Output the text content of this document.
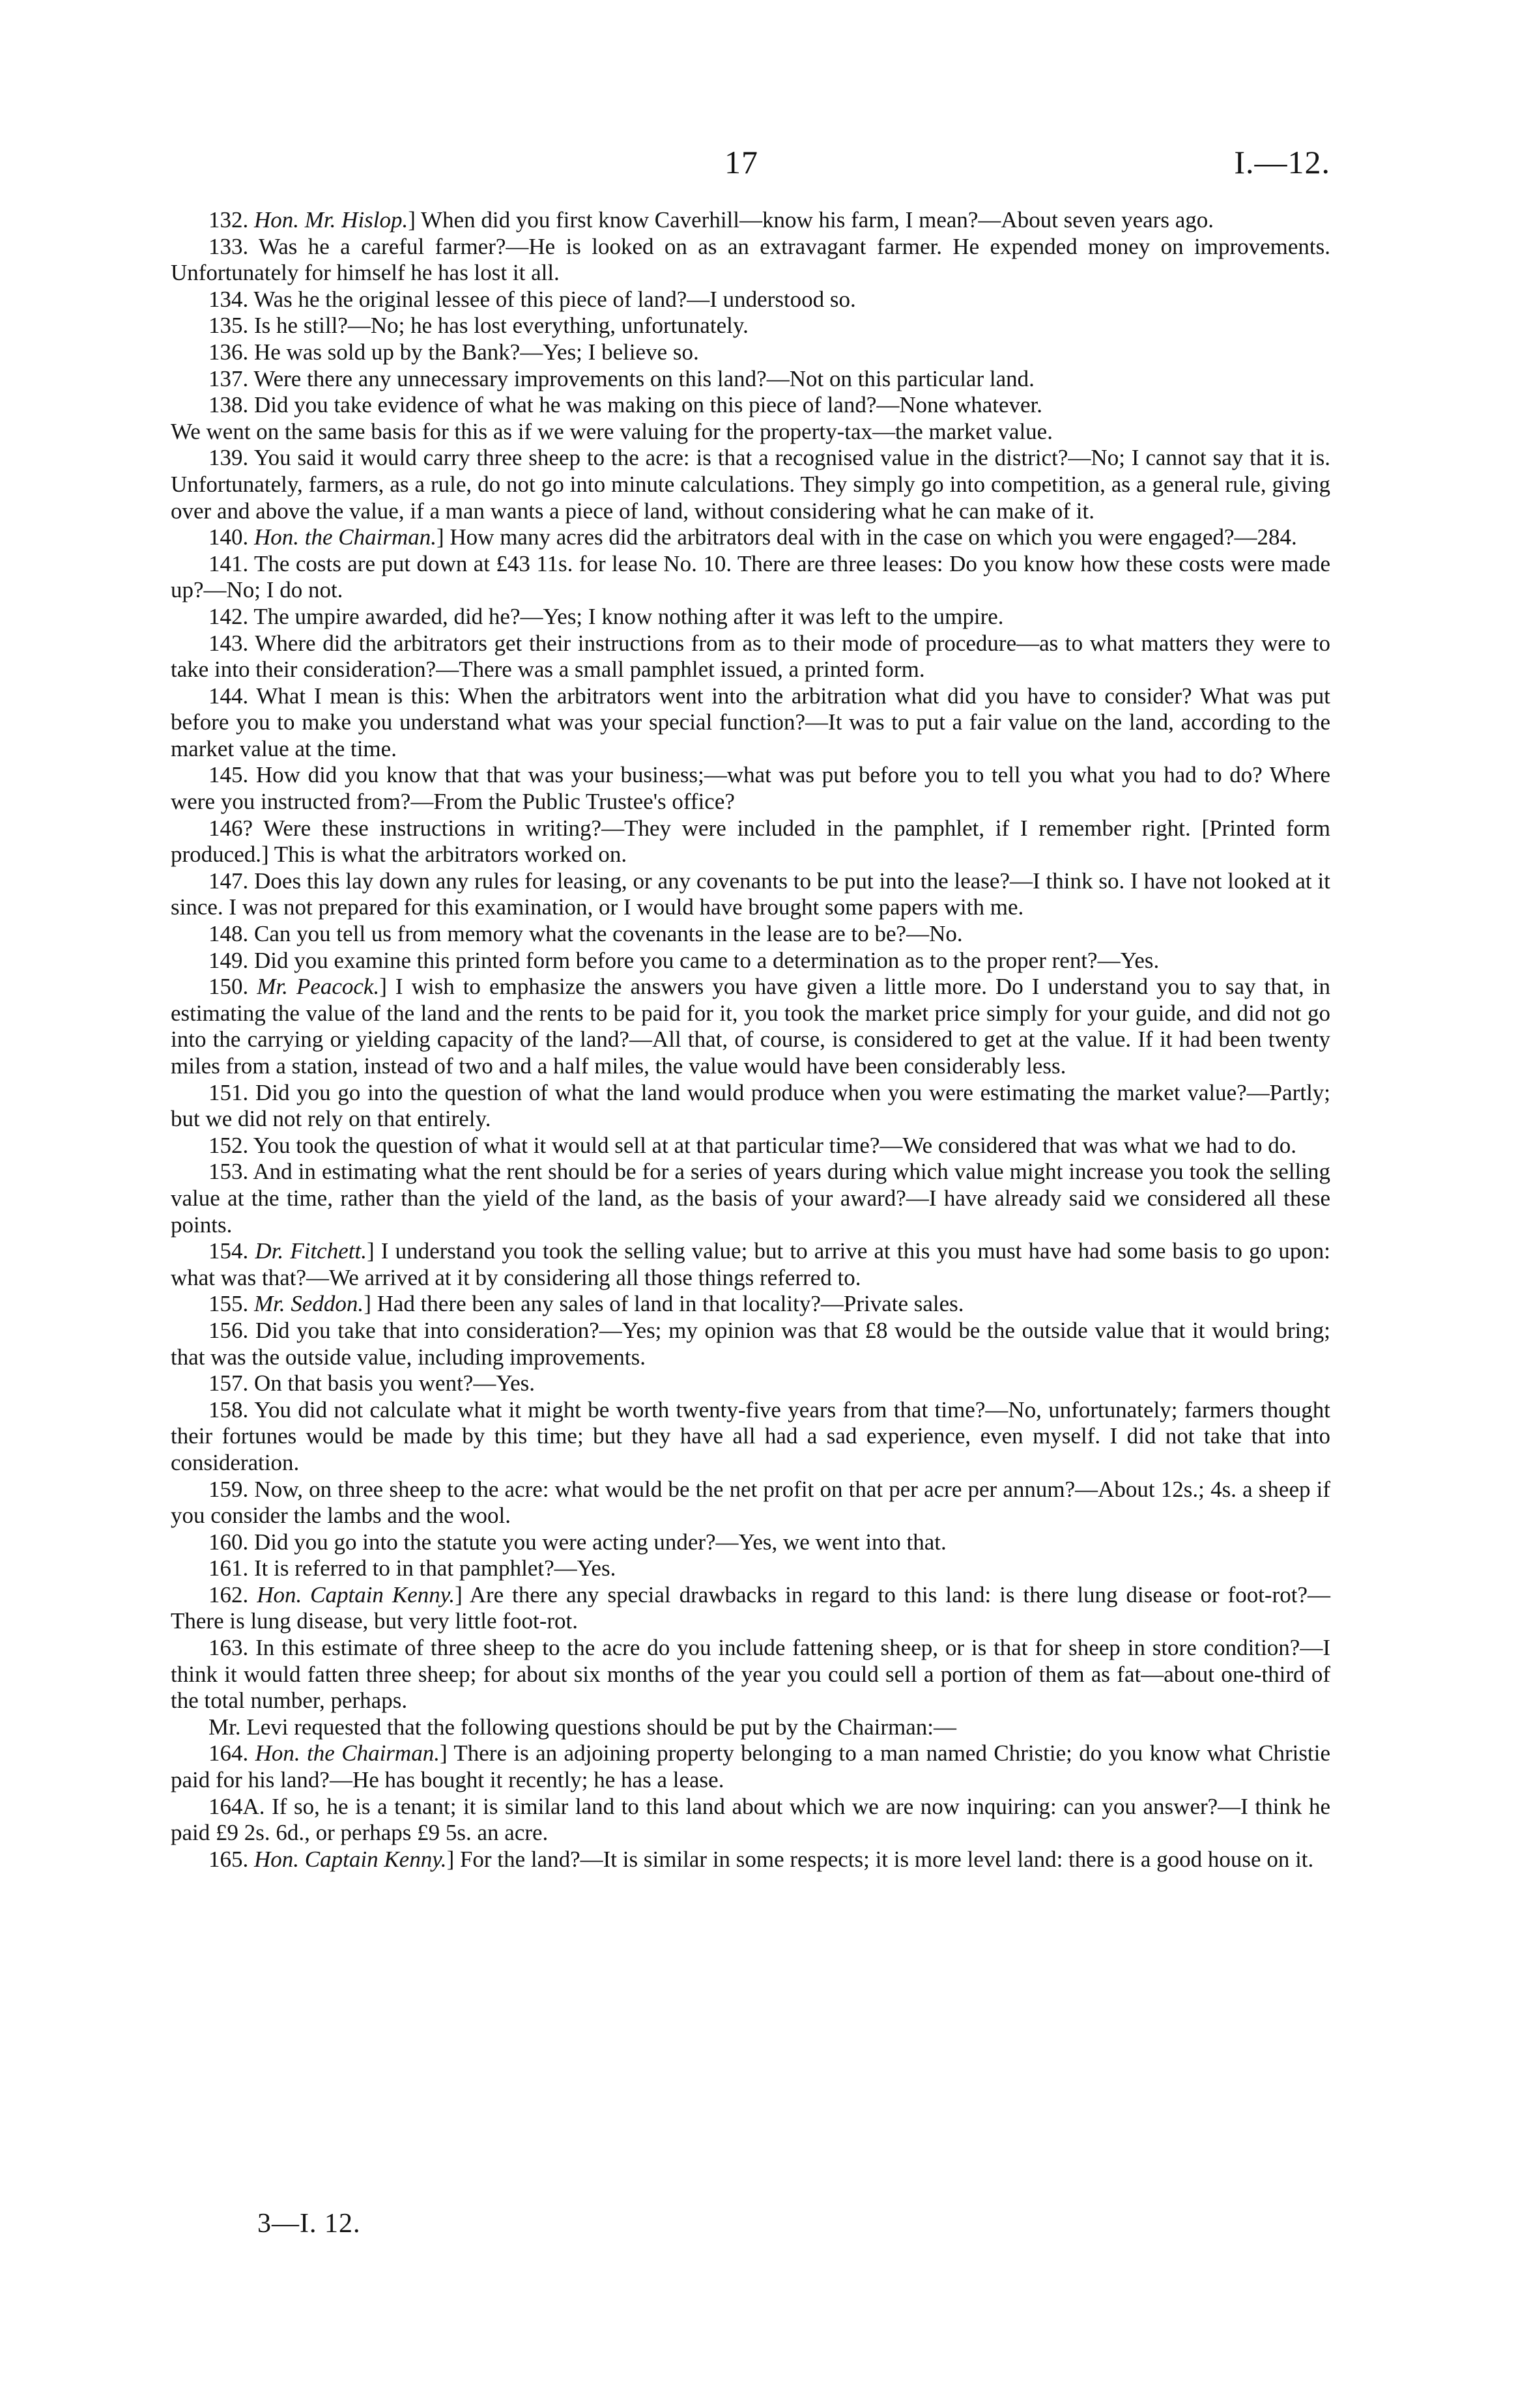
17	I.—12.

132. Hon. Mr. Hislop.] When did you first know Caverhill—know his farm, I mean?—About seven years ago.

133. Was he a careful farmer?—He is looked on as an extravagant farmer. He expended money on improvements. Unfortunately for himself he has lost it all.

134. Was he the original lessee of this piece of land?—I understood so.

135. Is he still?—No; he has lost everything, unfortunately.

136. He was sold up by the Bank?—Yes; I believe so.

137. Were there any unnecessary improvements on this land?—Not on this particular land.

138. Did you take evidence of what he was making on this piece of land?—None whatever.

We went on the same basis for this as if we were valuing for the property-tax—the market value.

139. You said it would carry three sheep to the acre: is that a recognised value in the district?—No; I cannot say that it is. Unfortunately, farmers, as a rule, do not go into minute calculations. They simply go into competition, as a general rule, giving over and above the value, if a man wants a piece of land, without considering what he can make of it.

140. Hon. the Chairman.] How many acres did the arbitrators deal with in the case on which you were engaged?—284.

141. The costs are put down at £43 11s. for lease No. 10. There are three leases: Do you know how these costs were made up?—No; I do not.

142. The umpire awarded, did he?—Yes; I know nothing after it was left to the umpire.

143. Where did the arbitrators get their instructions from as to their mode of procedure—as to what matters they were to take into their consideration?—There was a small pamphlet issued, a printed form.

144. What I mean is this: When the arbitrators went into the arbitration what did you have to consider? What was put before you to make you understand what was your special function?—It was to put a fair value on the land, according to the market value at the time.

145. How did you know that that was your business;—what was put before you to tell you what you had to do? Where were you instructed from?—From the Public Trustee's office?

146? Were these instructions in writing?—They were included in the pamphlet, if I remember right. [Printed form produced.] This is what the arbitrators worked on.

147. Does this lay down any rules for leasing, or any covenants to be put into the lease?—I think so. I have not looked at it since. I was not prepared for this examination, or I would have brought some papers with me.

148. Can you tell us from memory what the covenants in the lease are to be?—No.

149. Did you examine this printed form before you came to a determination as to the proper rent?—Yes.

150. Mr. Peacock.] I wish to emphasize the answers you have given a little more. Do I understand you to say that, in estimating the value of the land and the rents to be paid for it, you took the market price simply for your guide, and did not go into the carrying or yielding capacity of the land?—All that, of course, is considered to get at the value. If it had been twenty miles from a station, instead of two and a half miles, the value would have been considerably less.

151. Did you go into the question of what the land would produce when you were estimating the market value?—Partly; but we did not rely on that entirely.

152. You took the question of what it would sell at at that particular time?—We considered that was what we had to do.

153. And in estimating what the rent should be for a series of years during which value might increase you took the selling value at the time, rather than the yield of the land, as the basis of your award?—I have already said we considered all these points.

154. Dr. Fitchett.] I understand you took the selling value; but to arrive at this you must have had some basis to go upon: what was that?—We arrived at it by considering all those things referred to.

155. Mr. Seddon.] Had there been any sales of land in that locality?—Private sales.

156. Did you take that into consideration?—Yes; my opinion was that £8 would be the outside value that it would bring; that was the outside value, including improvements.

157. On that basis you went?—Yes.

158. You did not calculate what it might be worth twenty-five years from that time?—No, unfortunately; farmers thought their fortunes would be made by this time; but they have all had a sad experience, even myself. I did not take that into consideration.

159. Now, on three sheep to the acre: what would be the net profit on that per acre per annum?—About 12s.; 4s. a sheep if you consider the lambs and the wool.

160. Did you go into the statute you were acting under?—Yes, we went into that.

161. It is referred to in that pamphlet?—Yes.

162. Hon. Captain Kenny.] Are there any special drawbacks in regard to this land: is there lung disease or foot-rot?—There is lung disease, but very little foot-rot.

163. In this estimate of three sheep to the acre do you include fattening sheep, or is that for sheep in store condition?—I think it would fatten three sheep; for about six months of the year you could sell a portion of them as fat—about one-third of the total number, perhaps.

Mr. Levi requested that the following questions should be put by the Chairman:—

164. Hon. the Chairman.] There is an adjoining property belonging to a man named Christie; do you know what Christie paid for his land?—He has bought it recently; he has a lease.

164A. If so, he is a tenant; it is similar land to this land about which we are now inquiring: can you answer?—I think he paid £9 2s. 6d., or perhaps £9 5s. an acre.

165. Hon. Captain Kenny.] For the land?—It is similar in some respects; it is more level land: there is a good house on it.

3—I. 12.
